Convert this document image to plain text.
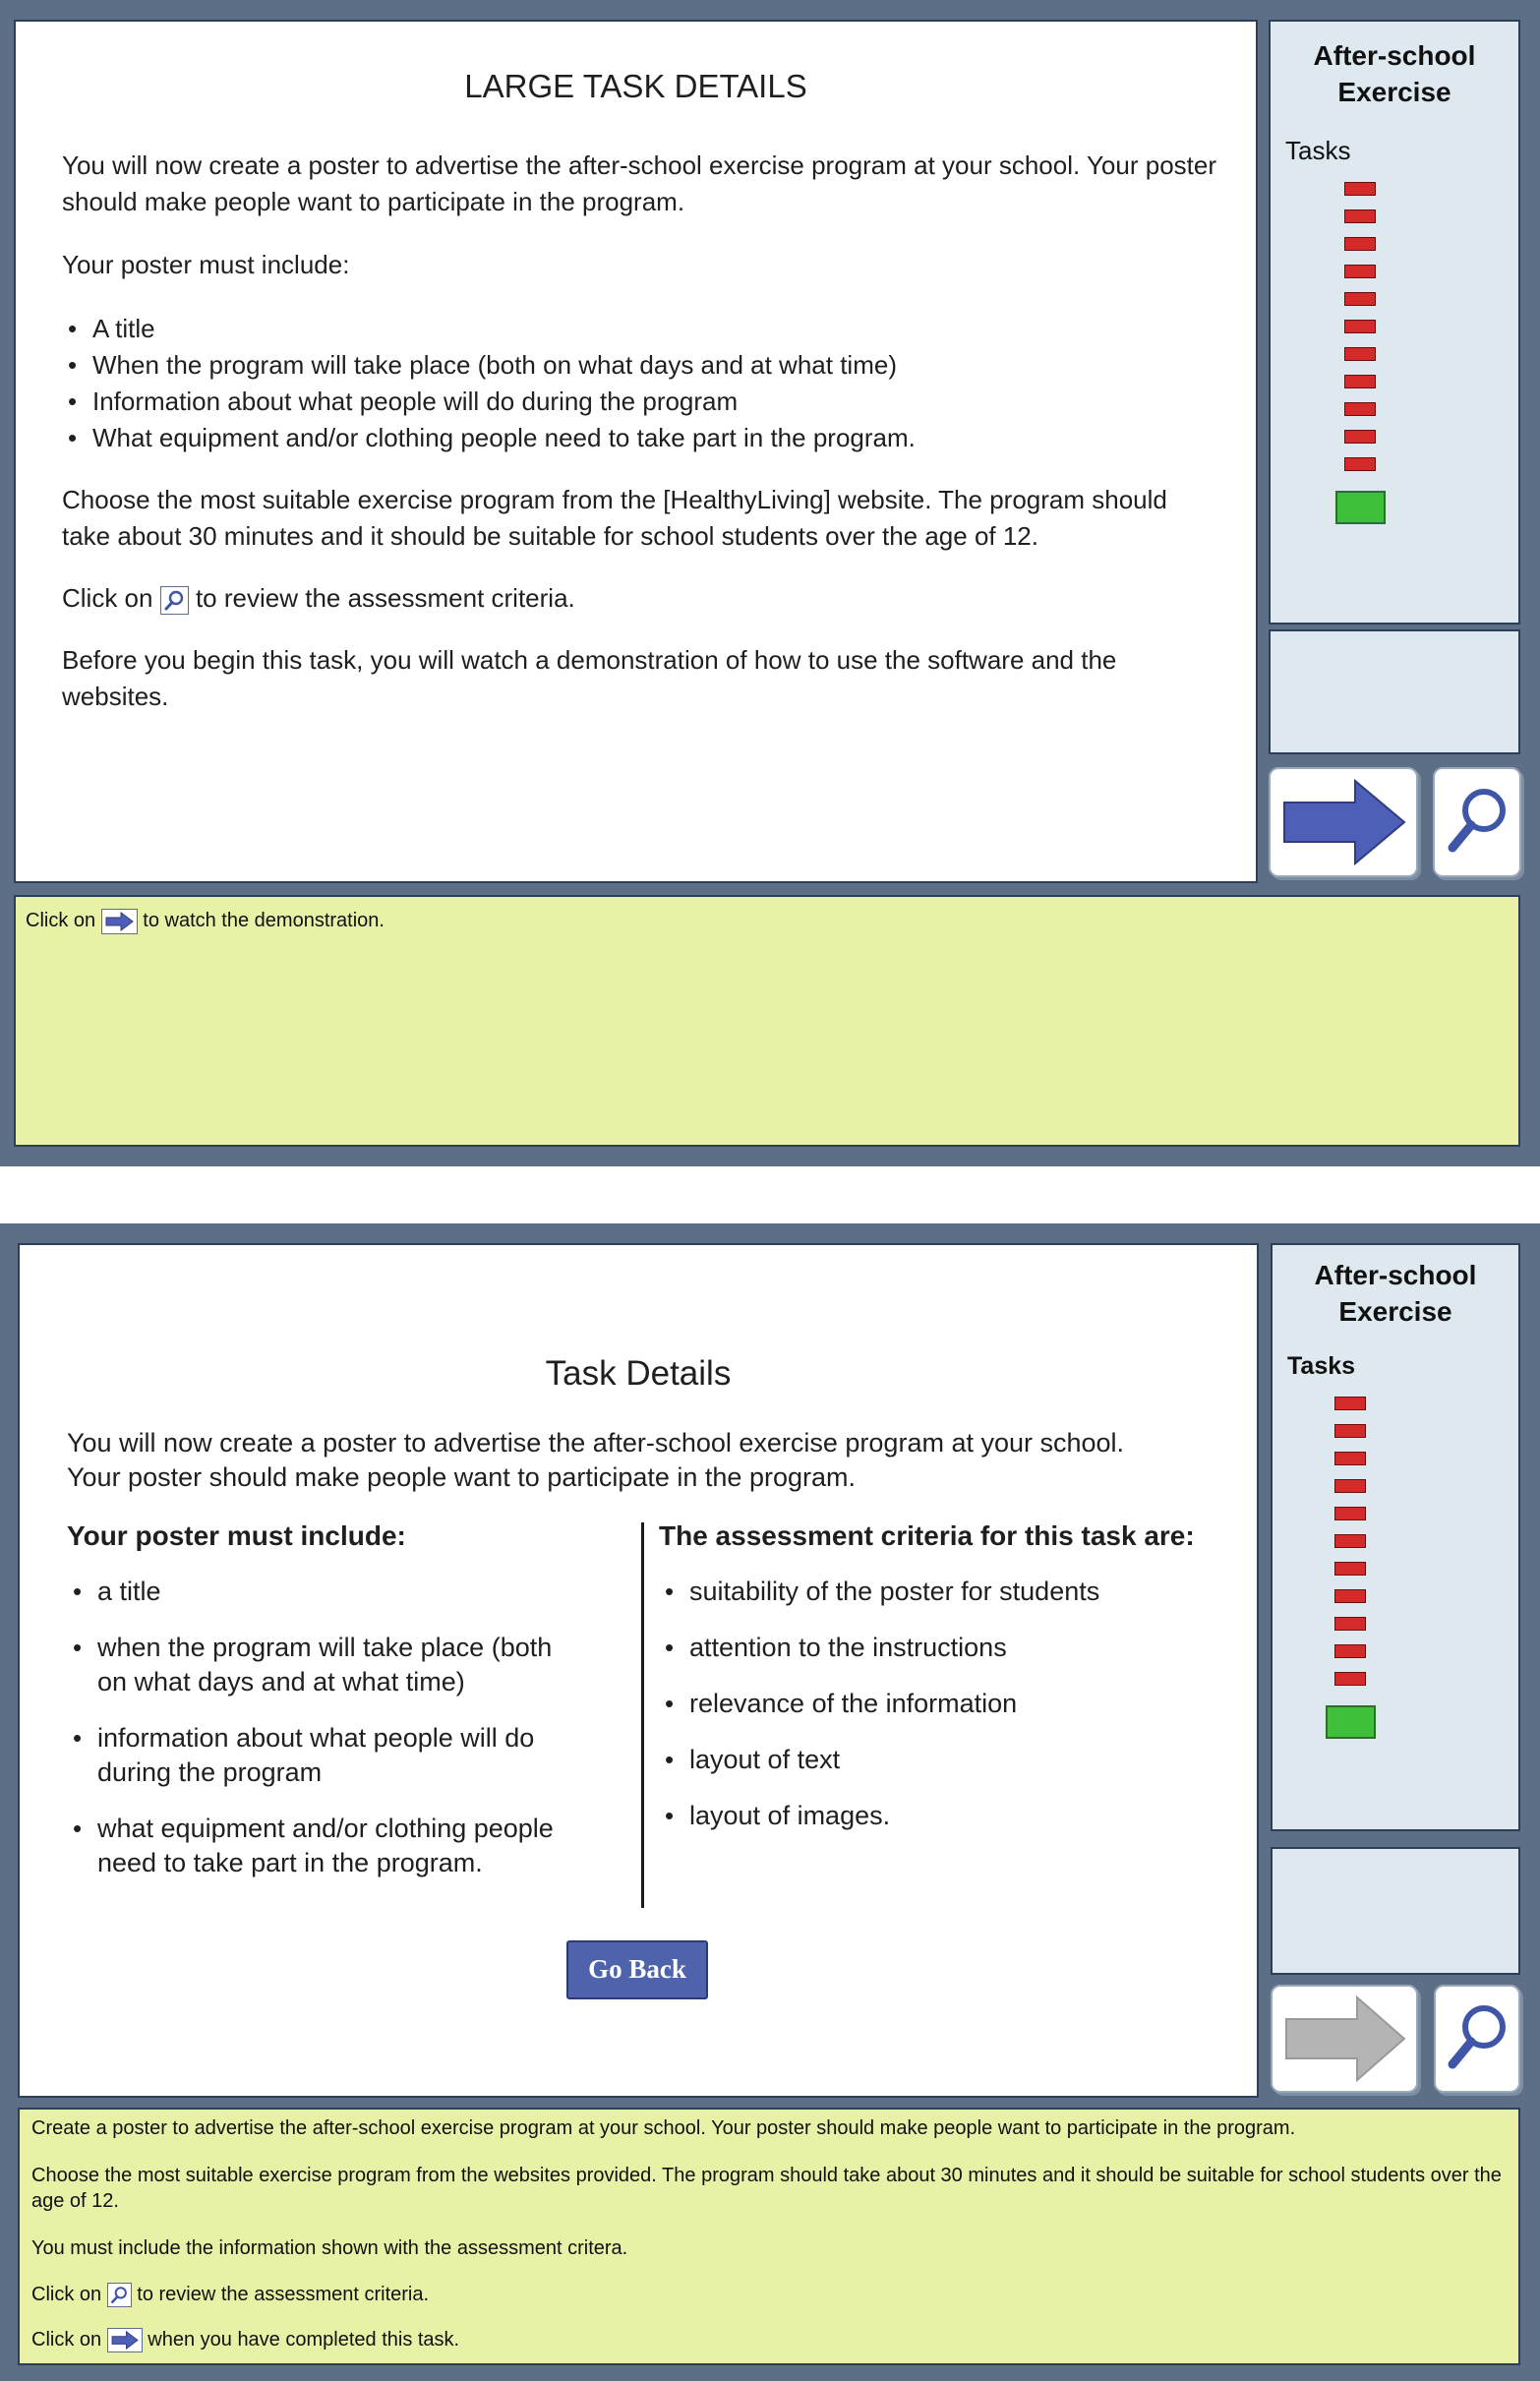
LARGE TASK DETAILS

You will now create a poster to advertise the after-school exercise program at your school. Your poster should make people want to participate in the program.

Your poster must include:

• A title
• When the program will take place (both on what days and at what time)
• Information about what people will do during the program
• What equipment and/or clothing people need to take part in the program.

Choose the most suitable exercise program from the [HealthyLiving] website. The program should take about 30 minutes and it should be suitable for school students over the age of 12.

Click on to review the assessment criteria.

Before you begin this task, you will watch a demonstration of how to use the software and the websites.

After-school
Exercise
Tasks
Click on to watch the demonstration.
Task Details
You will now create a poster to advertise the after-school exercise program at your school.
Your poster should make people want to participate in the program.
Your poster must include:
• a title
• when the program will take place (both on what days and at what time)
• information about what people will do during the program
• what equipment and/or clothing people need to take part in the program.
The assessment criteria for this task are:
• suitability of the poster for students
• attention to the instructions
• relevance of the information
• layout of text
• layout of images.
Go Back
After-school
Exercise
Tasks
Create a poster to advertise the after-school exercise program at your school. Your poster should make people want to participate in the program.
Choose the most suitable exercise program from the websites provided. The program should take about 30 minutes and it should be suitable for school students over the age of 12.
You must include the information shown with the assessment critera.
Click on to review the assessment criteria.
Click on when you have completed this task.
